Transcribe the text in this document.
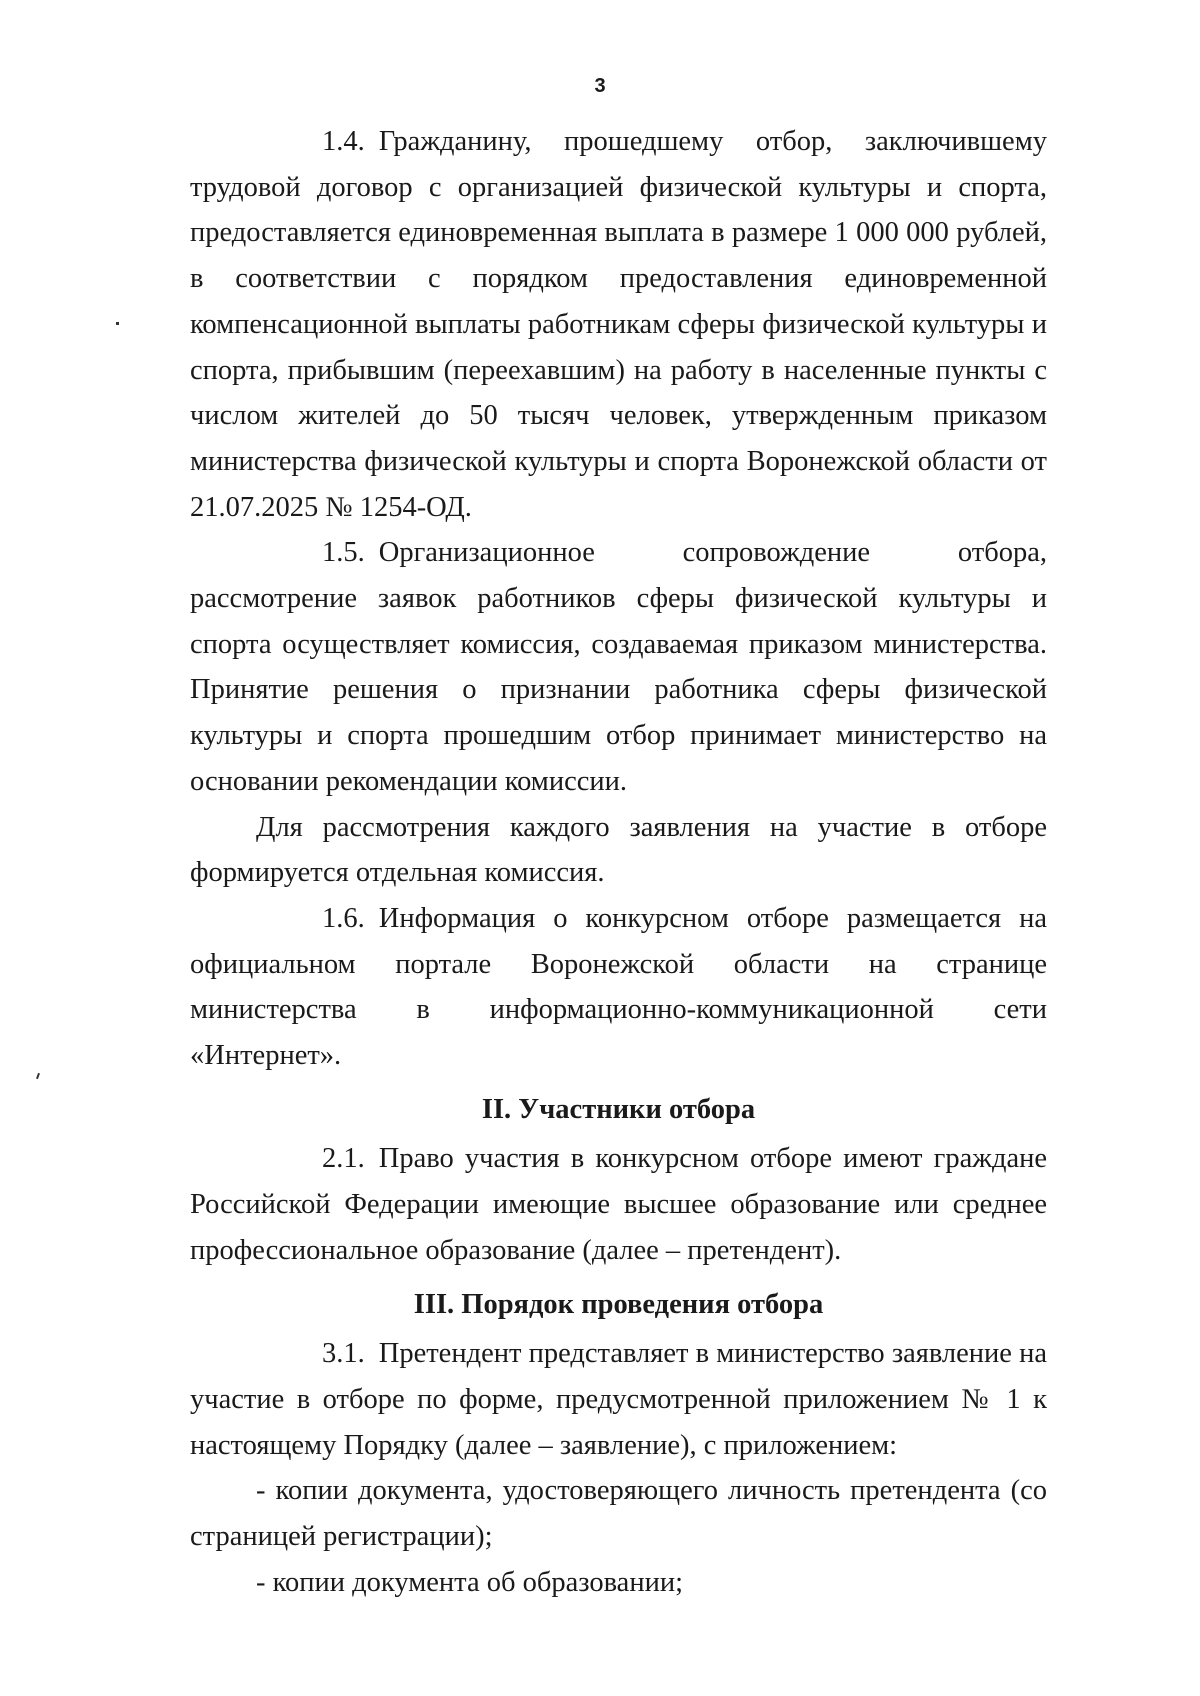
3

1.4. Гражданину, прошедшему отбор, заключившему трудовой договор с организацией физической культуры и спорта, предоставляется единовременная выплата в размере 1 000 000 рублей, в соответствии с порядком предоставления единовременной компенсационной выплаты работникам сферы физической культуры и спорта, прибывшим (переехавшим) на работу в населенные пункты с числом жителей до 50 тысяч человек, утвержденным приказом министерства физической культуры и спорта Воронежской области от 21.07.2025 № 1254-ОД.

1.5. Организационное сопровождение отбора, рассмотрение заявок работников сферы физической культуры и спорта осуществляет комиссия, создаваемая приказом министерства. Принятие решения о признании работника сферы физической культуры и спорта прошедшим отбор принимает министерство на основании рекомендации комиссии.

Для рассмотрения каждого заявления на участие в отборе формируется отдельная комиссия.

1.6. Информация о конкурсном отборе размещается на официальном портале Воронежской области на странице министерства в информационно-коммуникационной сети «Интернет».

II. Участники отбора

2.1. Право участия в конкурсном отборе имеют граждане Российской Федерации имеющие высшее образование или среднее профессиональное образование (далее – претендент).

III. Порядок проведения отбора

3.1. Претендент представляет в министерство заявление на участие в отборе по форме, предусмотренной приложением № 1 к настоящему Порядку (далее – заявление), с приложением:

- копии документа, удостоверяющего личность претендента (со страницей регистрации);

- копии документа об образовании;
